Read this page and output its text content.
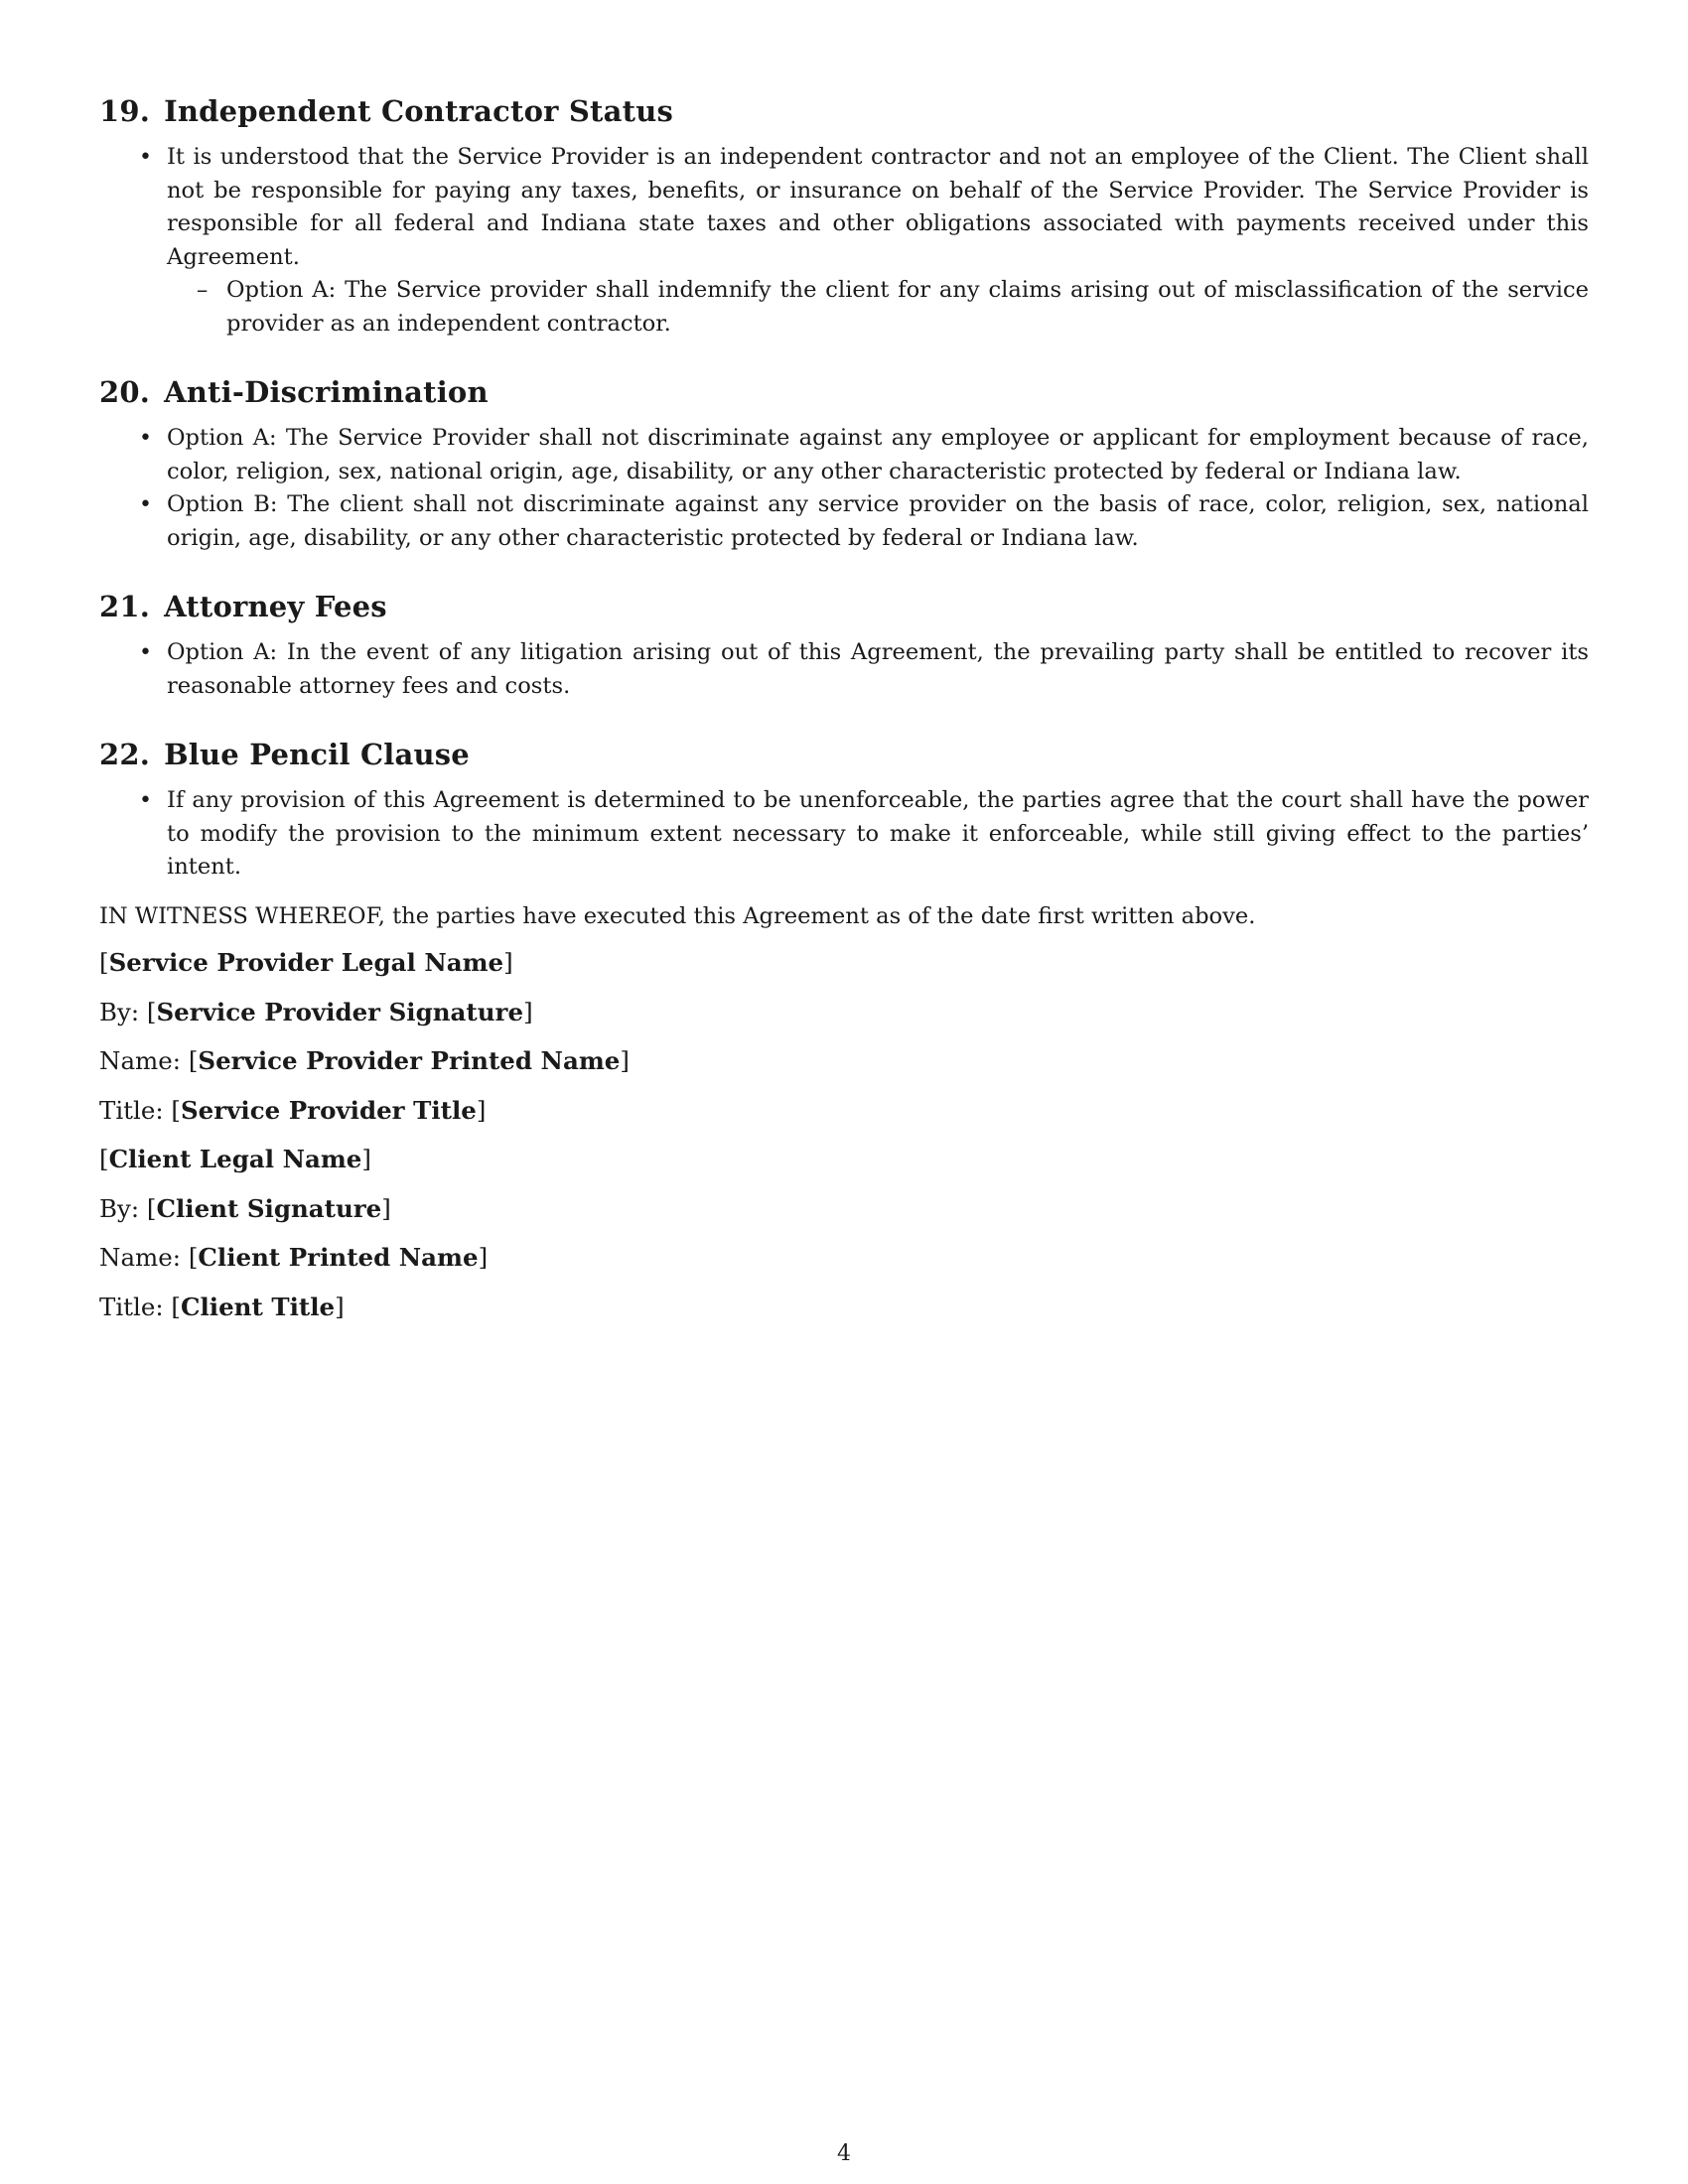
19. Independent Contractor Status
• It is understood that the Service Provider is an independent contractor and not an employee of the Client. The Client shall not be responsible for paying any taxes, benefits, or insurance on behalf of the Service Provider. The Service Provider is responsible for all federal and Indiana state taxes and other obligations associated with payments received under this Agreement.
– Option A: The Service provider shall indemnify the client for any claims arising out of misclassification of the service provider as an independent contractor.
20. Anti-Discrimination
• Option A: The Service Provider shall not discriminate against any employee or applicant for employment because of race, color, religion, sex, national origin, age, disability, or any other characteristic protected by federal or Indiana law.
• Option B: The client shall not discriminate against any service provider on the basis of race, color, religion, sex, national origin, age, disability, or any other characteristic protected by federal or Indiana law.
21. Attorney Fees
• Option A: In the event of any litigation arising out of this Agreement, the prevailing party shall be entitled to recover its reasonable attorney fees and costs.
22. Blue Pencil Clause
• If any provision of this Agreement is determined to be unenforceable, the parties agree that the court shall have the power to modify the provision to the minimum extent necessary to make it enforceable, while still giving effect to the parties’ intent.

IN WITNESS WHEREOF, the parties have executed this Agreement as of the date first written above.

[Service Provider Legal Name]
By: [Service Provider Signature]
Name: [Service Provider Printed Name]
Title: [Service Provider Title]
[Client Legal Name]
By: [Client Signature]
Name: [Client Printed Name]
Title: [Client Title]
4
